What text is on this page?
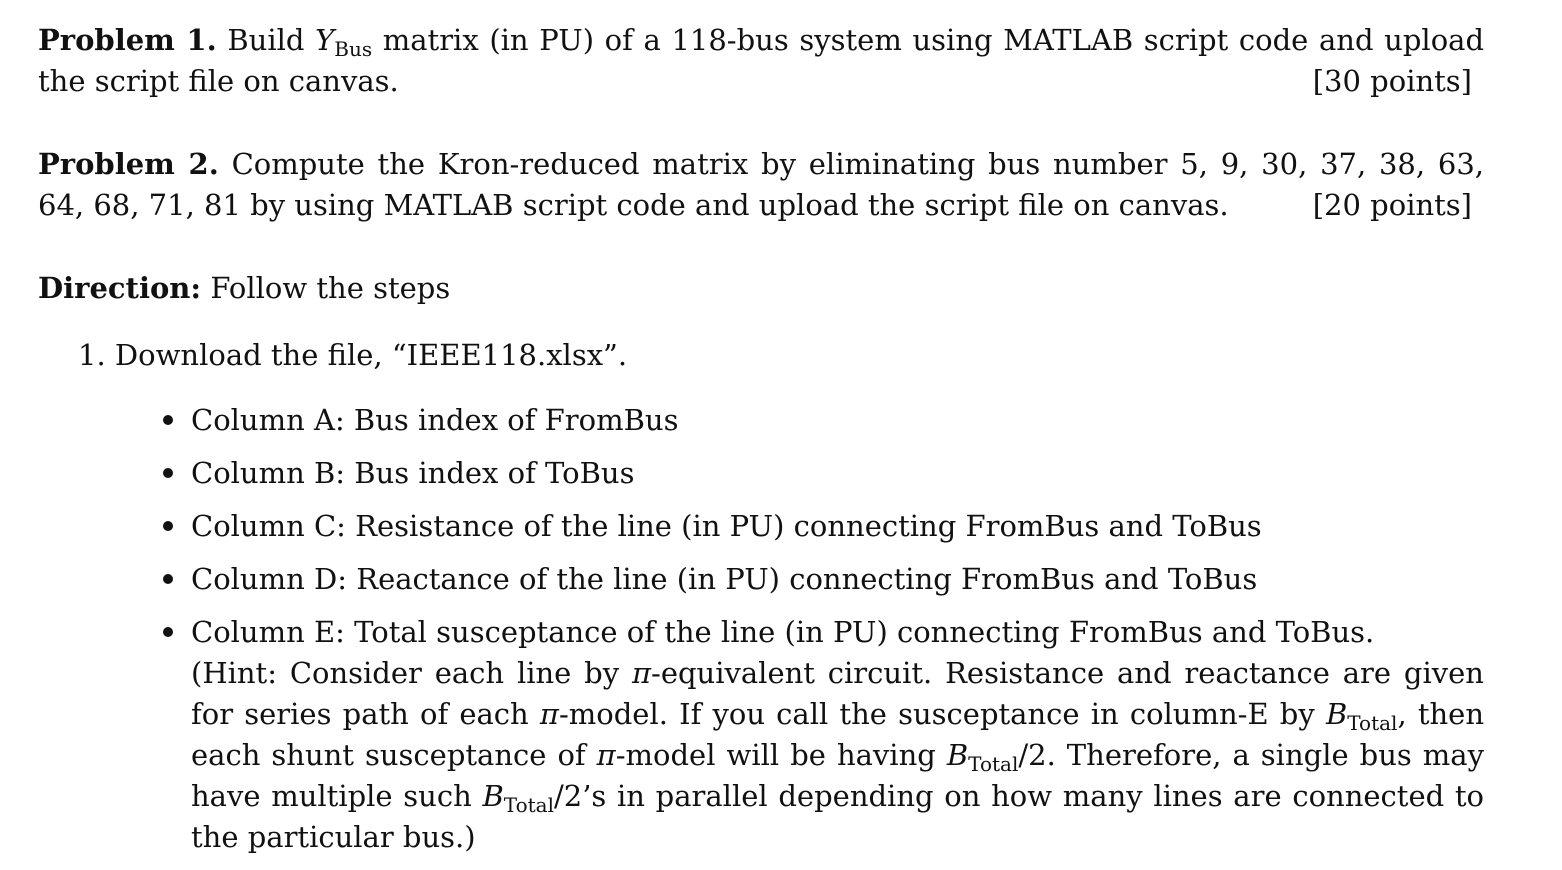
Problem 1. Build $Y_{Bus}$ matrix (in PU) of a 118-bus system using MATLAB script code and upload the script file on canvas.	[30 points]

Problem 2. Compute the Kron-reduced matrix by eliminating bus number 5, 9, 30, 37, 38, 63, 64, 68, 71, 81 by using MATLAB script code and upload the script file on canvas.	[20 points]

Direction: Follow the steps
1. Download the file, “IEEE118.xlsx”.
Column A: Bus index of FromBus
Column B: Bus index of ToBus
Column C: Resistance of the line (in PU) connecting FromBus and ToBus
Column D: Reactance of the line (in PU) connecting FromBus and ToBus
Column E: Total susceptance of the line (in PU) connecting FromBus and ToBus.
(Hint: Consider each line by π-equivalent circuit. Resistance and reactance are given for series path of each π-model. If you call the susceptance in column-E by $B_{Total}$, then each shunt susceptance of π-model will be having $B_{Total}/2$. Therefore, a single bus may have multiple such $B_{Total}/2’s$ in parallel depending on how many lines are connected to the particular bus.)
